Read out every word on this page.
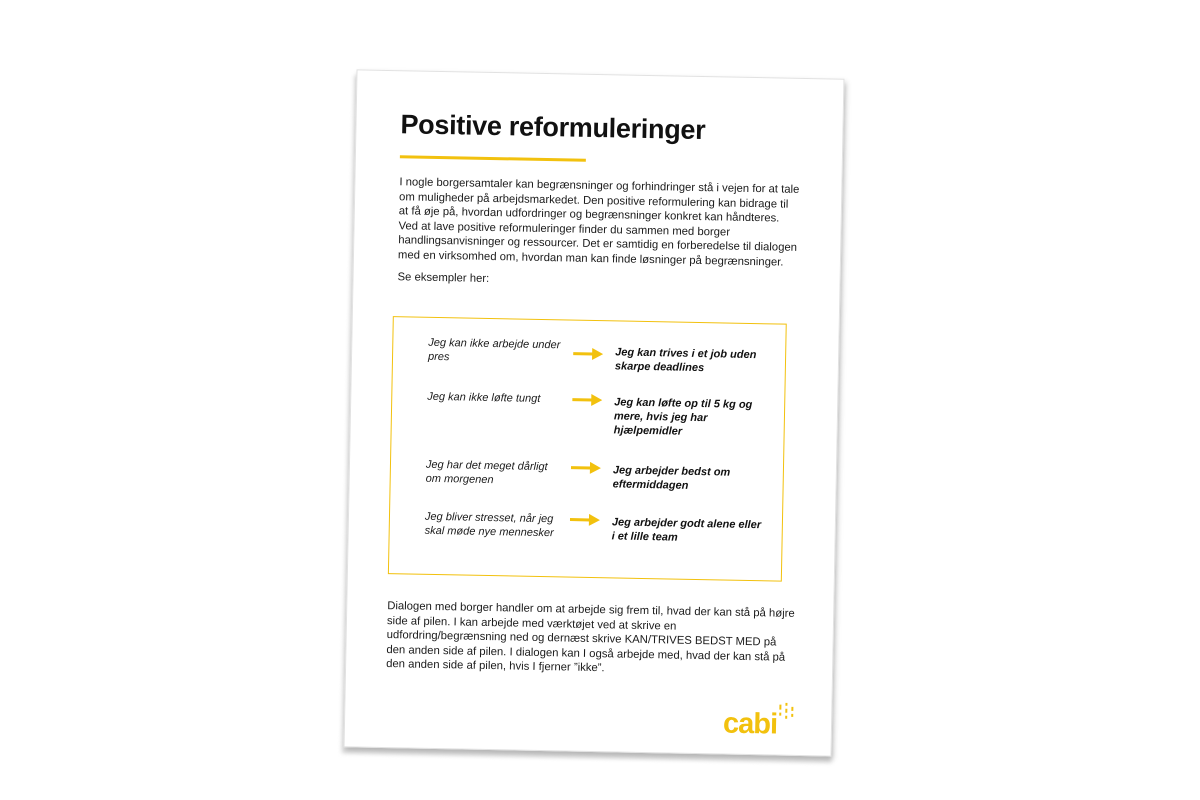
Positive reformuleringer

I nogle borgersamtaler kan begrænsninger og forhindringer stå i vejen for at tale om muligheder på arbejdsmarkedet. Den positive reformulering kan bidrage til at få øje på, hvordan udfordringer og begrænsninger konkret kan håndteres. Ved at lave positive reformuleringer finder du sammen med borger handlingsanvisninger og ressourcer. Det er samtidig en forberedelse til dialogen med en virksomhed om, hvordan man kan finde løsninger på begrænsninger.

Se eksempler her:

Jeg kan ikke arbejde under pres	Jeg kan trives i et job uden skarpe deadlines
Jeg kan ikke løfte tungt	Jeg kan løfte op til 5 kg og mere, hvis jeg har hjælpemidler
Jeg har det meget dårligt om morgenen
Jeg arbejder bedst om eftermiddagen
Jeg bliver stresset, når jeg skal møde nye mennesker
Jeg arbejder godt alene eller i et lille team

Dialogen med borger handler om at arbejde sig frem til, hvad der kan stå på højre side af pilen. I kan arbejde med værktøjet ved at skrive en udfordring/begrænsning ned og dernæst skrive KAN/TRIVES BEDST MED på den anden side af pilen. I dialogen kan I også arbejde med, hvad der kan stå på den anden side af pilen, hvis I fjerner ”ikke”.

cabi
